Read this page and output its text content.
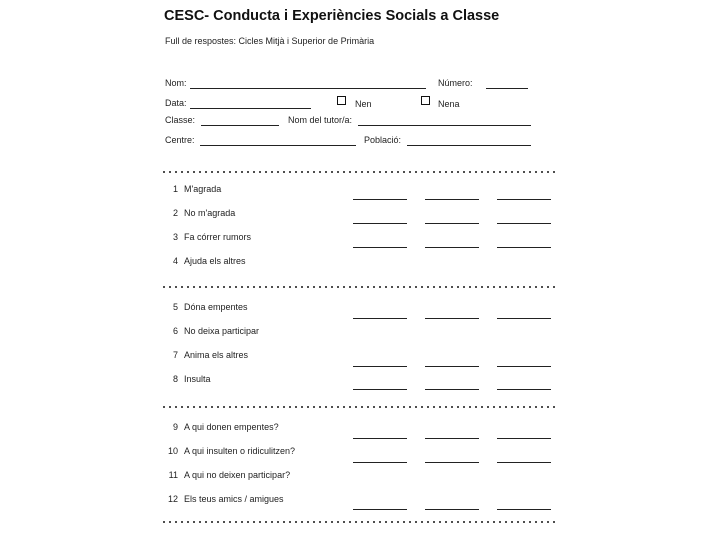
CESC- Conducta i Experiències Socials a Classe
Full de respostes: Cicles Mitjà i Superior de Primària
Nom:	Número:
Data:	Nen	Nena
Classe:	Nom del tutor/a:
Centre:	Població:
1 M'agrada
2 No m'agrada
3 Fa córrer rumors
4 Ajuda els altres
5 Dóna empentes
6 No deixa participar
7 Anima els altres
8 Insulta
9 A qui donen empentes?
10 A qui insulten o ridiculitzen?
11 A qui no deixen participar?
12 Els teus amics / amigues
